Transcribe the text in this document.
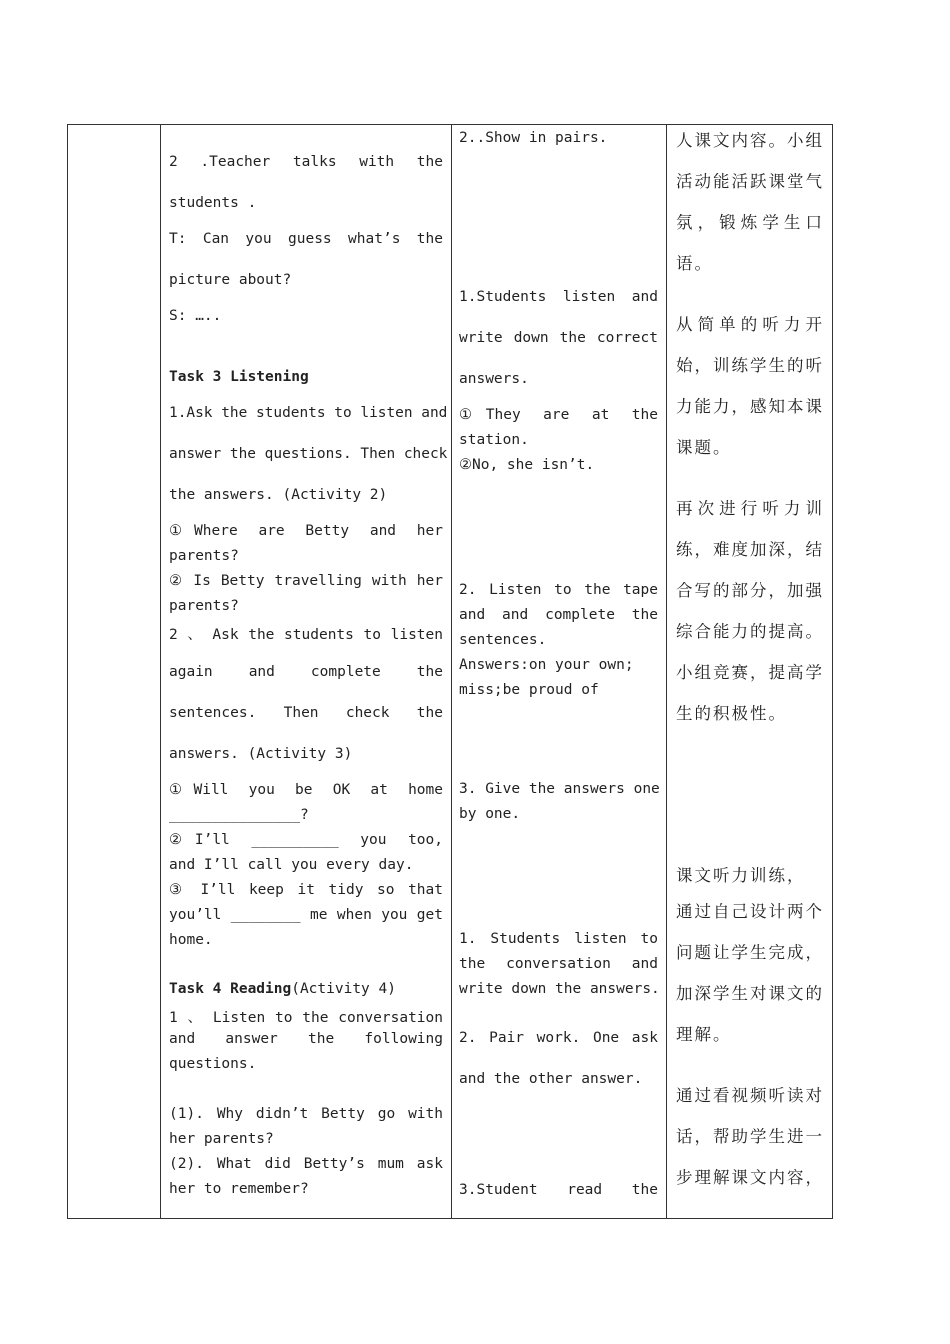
2 .Teacher talks with the
students .
T: Can you guess what’s the
picture about?
S: …..
Task 3 Listening
1.Ask the students to listen and
answer the questions. Then check
the answers. (Activity 2)
①Where are Betty and her
parents?
② Is Betty travelling with her
parents?
2 、 Ask the students to listen
again and complete the
sentences. Then check the
answers. (Activity 3)
①Will you be OK at home
_______________?
②I’ll __________ you too,
and I’ll call you every day.
③ I’ll keep it tidy so that
you’ll ________ me when you get
home.
Task 4 Reading(Activity 4)
1 、 Listen to the conversation
and answer the following
questions.
(1). Why didn’t Betty go with
her parents?
(2). What did Betty’s mum ask
her to remember?
2..Show in pairs.
1.Students listen and
write down the correct
answers.
①They are at the
station.
②No, she isn’t.
2. Listen to the tape
and and complete the
sentences.
Answers:on your own;
miss;be proud of
3. Give the answers one
by one.
1. Students listen to
the conversation and
write down the answers.
2. Pair work. One ask
and the other answer.
3.Student read the
人课文内容。小组
活动能活跃课堂气
氛，锻炼学生口
语。
从简单的听力开
始，训练学生的听
力能力，感知本课
课题。
再次进行听力训
练，难度加深，结
合写的部分，加强
综合能力的提高。
小组竞赛，提高学
生的积极性。
课文听力训练，
通过自己设计两个
问题让学生完成，
加深学生对课文的
理解。
通过看视频听读对
话，帮助学生进一
步理解课文内容，
